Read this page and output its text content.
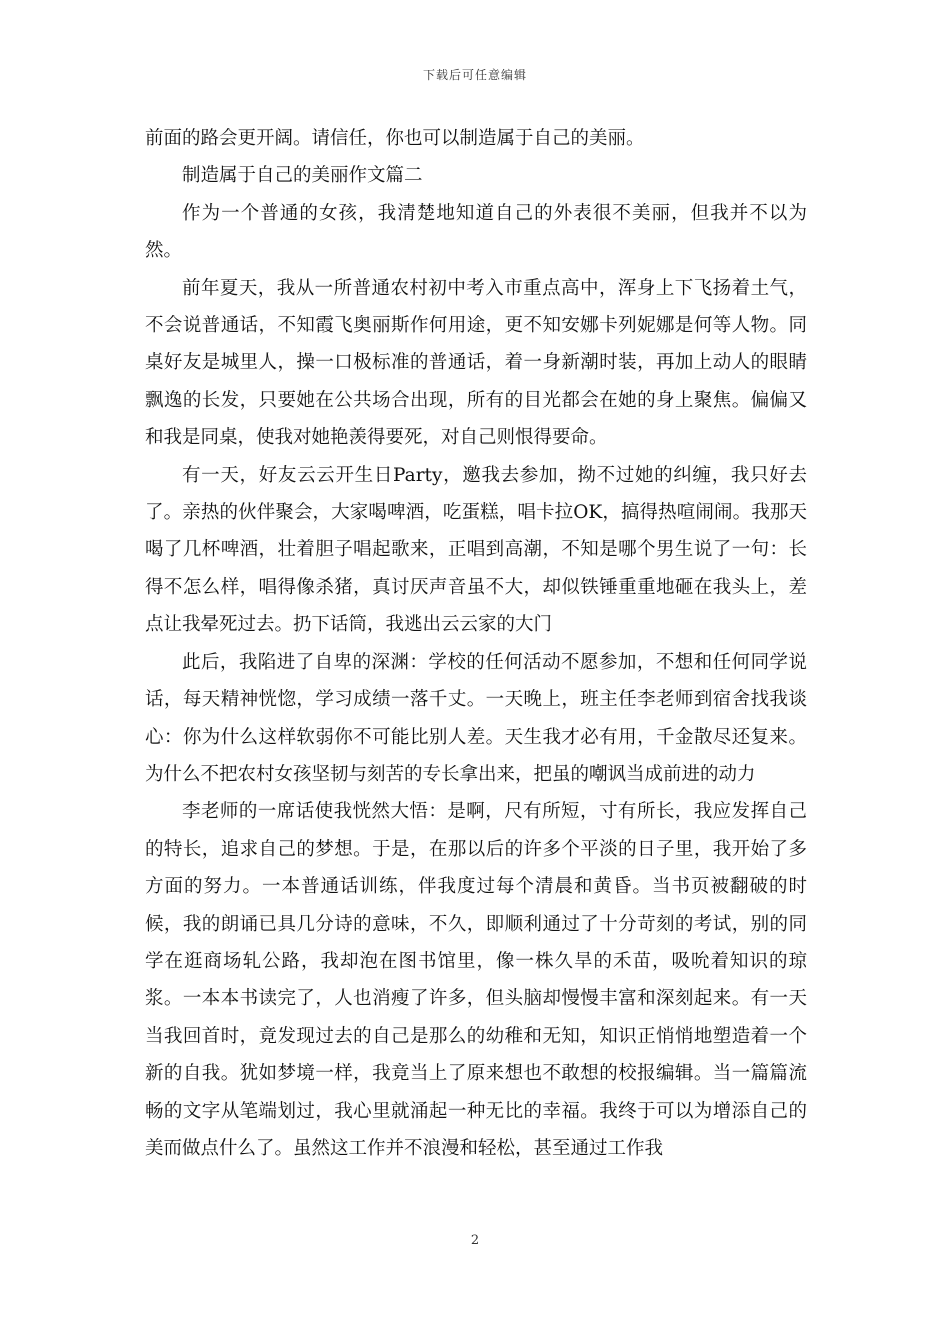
下载后可任意编辑

前面的路会更开阔。请信任，你也可以制造属于自己的美丽。

制造属于自己的美丽作文篇二

作为一个普通的女孩，我清楚地知道自己的外表很不美丽，但我并不以为然。

前年夏天，我从一所普通农村初中考入市重点高中，浑身上下飞扬着土气，不会说普通话，不知霞飞奥丽斯作何用途，更不知安娜卡列妮娜是何等人物。同桌好友是城里人，操一口极标准的普通话，着一身新潮时装，再加上动人的眼睛飘逸的长发，只要她在公共场合出现，所有的目光都会在她的身上聚焦。偏偏又和我是同桌，使我对她艳羡得要死，对自己则恨得要命。

有一天，好友云云开生日Party，邀我去参加，拗不过她的纠缠，我只好去了。亲热的伙伴聚会，大家喝啤酒，吃蛋糕，唱卡拉OK，搞得热喧闹闹。我那天喝了几杯啤酒，壮着胆子唱起歌来，正唱到高潮，不知是哪个男生说了一句：长得不怎么样，唱得像杀猪，真讨厌声音虽不大，却似铁锤重重地砸在我头上，差点让我晕死过去。扔下话筒，我逃出云云家的大门

此后，我陷进了自卑的深渊：学校的任何活动不愿参加，不想和任何同学说话，每天精神恍惚，学习成绩一落千丈。一天晚上，班主任李老师到宿舍找我谈心：你为什么这样软弱你不可能比别人差。天生我才必有用，千金散尽还复来。为什么不把农村女孩坚韧与刻苦的专长拿出来，把虽的嘲讽当成前进的动力

李老师的一席话使我恍然大悟：是啊，尺有所短，寸有所长，我应发挥自己的特长，追求自己的梦想。于是，在那以后的许多个平淡的日子里，我开始了多方面的努力。一本普通话训练，伴我度过每个清晨和黄昏。当书页被翻破的时候，我的朗诵已具几分诗的意味，不久，即顺利通过了十分苛刻的考试，别的同学在逛商场轧公路，我却泡在图书馆里，像一株久旱的禾苗，吸吮着知识的琼浆。一本本书读完了，人也消瘦了许多，但头脑却慢慢丰富和深刻起来。有一天当我回首时，竟发现过去的自己是那么的幼稚和无知，知识正悄悄地塑造着一个新的自我。犹如梦境一样，我竟当上了原来想也不敢想的校报编辑。当一篇篇流畅的文字从笔端划过，我心里就涌起一种无比的幸福。我终于可以为增添自己的美而做点什么了。虽然这工作并不浪漫和轻松，甚至通过工作我

2
